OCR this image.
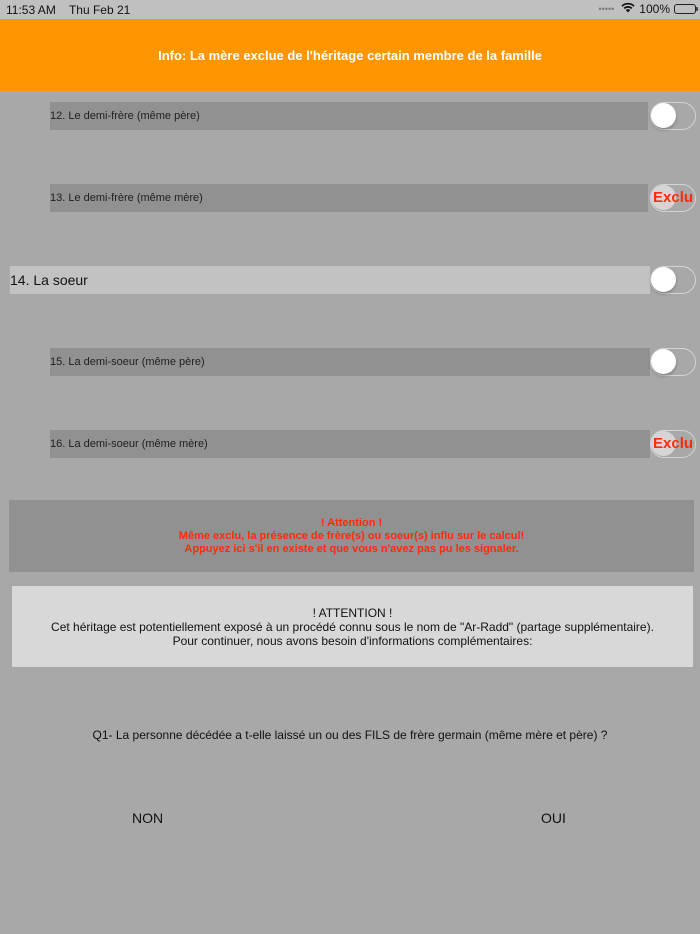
11:53 AM Thu Feb 21	••••• 100%
Info: La mère exclue de l'héritage certain membre de la famille
12. Le demi-frère (même père)
13. Le demi-frère (même mère)	Exclu
14. La soeur
15. La demi-soeur (même père)
16. La demi-soeur (même mère)	Exclu
! Attention !
Même exclu, la présence de frère(s) ou soeur(s) influ sur le calcul!
Appuyez ici s'il en existe et que vous n'avez pas pu les signaler.
! ATTENTION !
Cet héritage est potentiellement exposé à un procédé connu sous le nom de "Ar-Radd" (partage supplémentaire).
Pour continuer, nous avons besoin d'informations complémentaires:
Q1- La personne décédée a t-elle laissé un ou des FILS de frère germain (même mère et père) ?
NON	OUI
